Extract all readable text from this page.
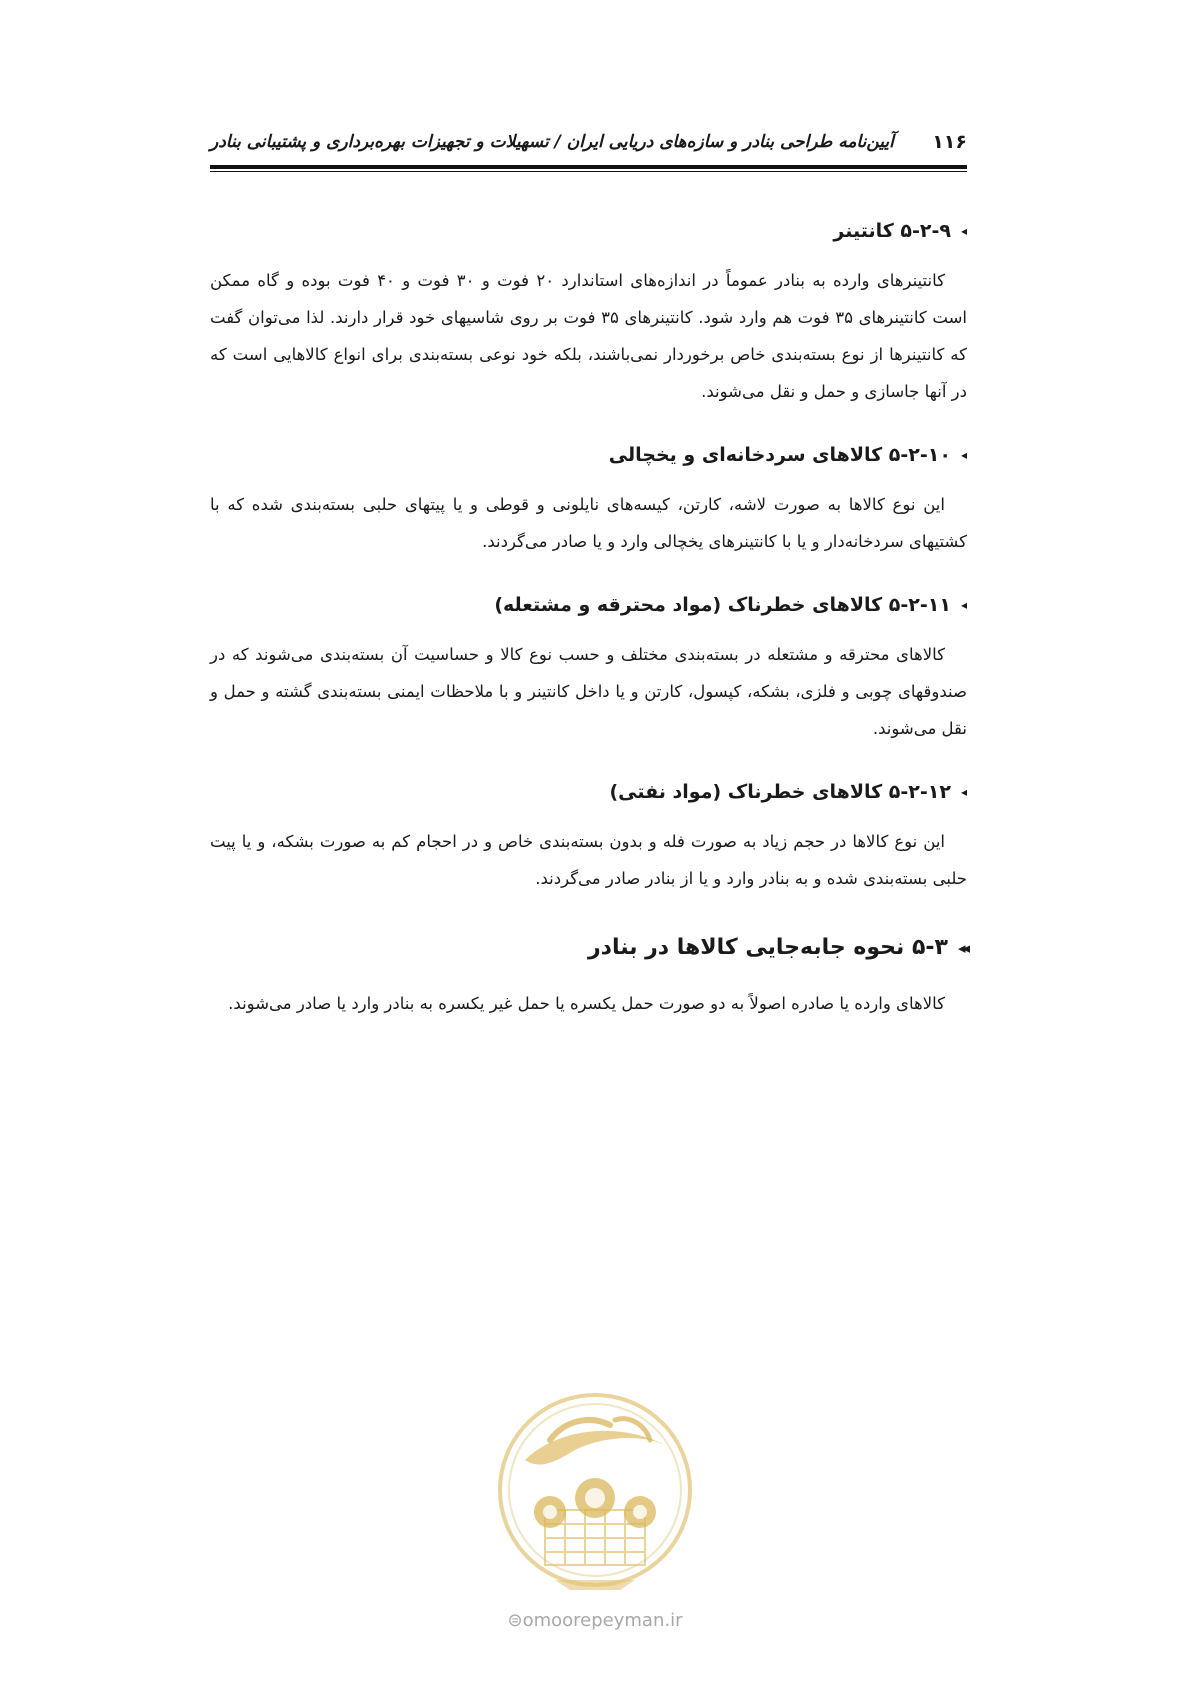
۱۱۶
آیین‌نامه طراحی بنادر و سازه‌های دریایی ایران / تسهیلات و تجهیزات بهره‌برداری و پشتیبانی بنادر
◂
۵-۲-۹ کانتینر

کانتینرهای وارده به بنادر عموماً در اندازه‌های استاندارد ۲۰ فوت و ۳۰ فوت و ۴۰ فوت بوده و گاه ممکن است کانتینرهای ۳۵ فوت هم وارد شود. کانتینرهای ۳۵ فوت بر روی شاسیهای خود قرار دارند. لذا می‌توان گفت که کانتینرها از نوع بسته‌بندی خاص برخوردار نمی‌باشند، بلکه خود نوعی بسته‌بندی برای انواع کالاهایی است که در آنها جاسازی و حمل و نقل می‌شوند.

◂
۵-۲-۱۰ کالاهای سردخانه‌ای و یخچالی

این نوع کالاها به صورت لاشه، کارتن، کیسه‌های نایلونی و قوطی و یا پیتهای حلبی بسته‌بندی شده که با کشتیهای سردخانه‌دار و یا با کانتینرهای یخچالی وارد و یا صادر می‌گردند.

◂
۵-۲-۱۱ کالاهای خطرناک (مواد محترقه و مشتعله)

کالاهای محترقه و مشتعله در بسته‌بندی مختلف و حسب نوع کالا و حساسیت آن بسته‌بندی می‌شوند که در صندوقهای چوبی و فلزی، بشکه، کپسول، کارتن و یا داخل کانتینر و با ملاحظات ایمنی بسته‌بندی گشته و حمل و نقل می‌شوند.

◂
۵-۲-۱۲ کالاهای خطرناک (مواد نفتی)

این نوع کالاها در حجم زیاد به صورت فله و بدون بسته‌بندی خاص و در احجام کم به صورت بشکه، و یا پیت حلبی بسته‌بندی شده و به بنادر وارد و یا از بنادر صادر می‌گردند.

◂◂
۵-۳ نحوه جابه‌جایی کالاها در بنادر

کالاهای وارده یا صادره اصولاً به دو صورت حمل یکسره یا حمل غیر یکسره به بنادر وارد یا صادر می‌شوند.

⊜omoorepeyman.ir
